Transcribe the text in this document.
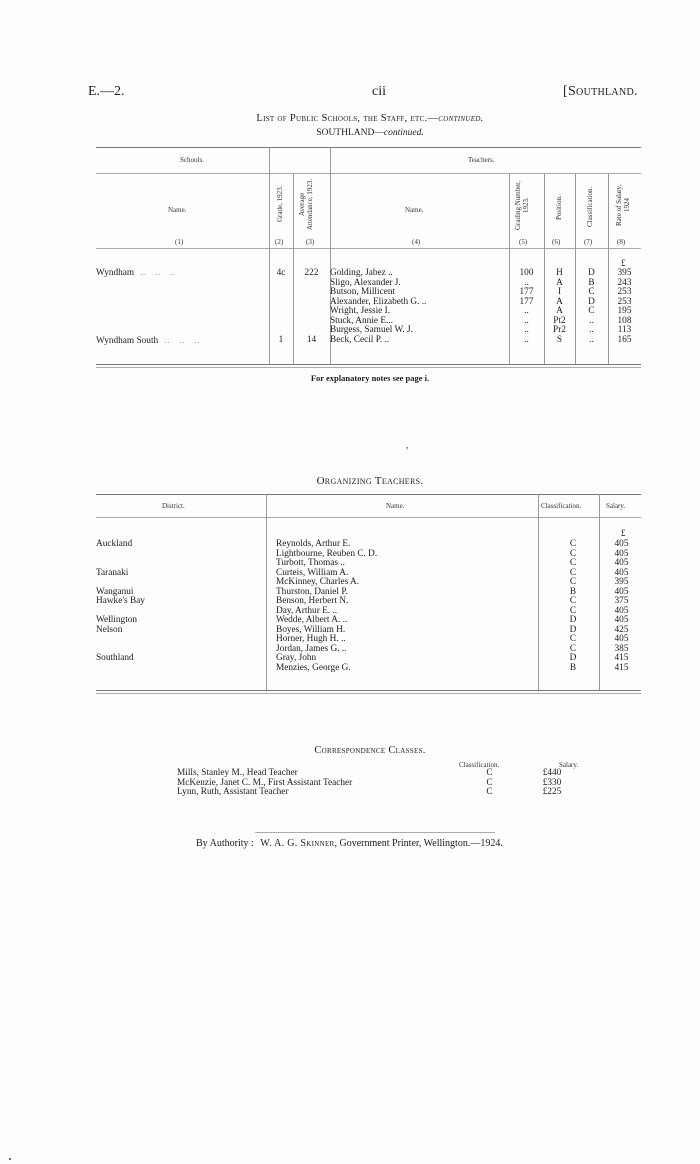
E.—2.	cii	[Southland.
List of Public Schools, the Staff, etc.—continued.
SOUTHLAND—continued.
Schools.	Teachers.
Name.	Grade, 1923. Average Attendance, 1923.	Name.	Grading Number, 1923.	Position.	Classification.	Rate of Salary, 1924
(1)	(2)	(3)	(4)	(5)	(6)	(7)	(8)
£
Wyndham  ..   ..   ..	4c	222	Golding, Jabez ..	100	H	D	395
			Sligo, Alexander J.	..	A	B	243
			Butson, Millicent	177	I	C	253
			Alexander, Elizabeth G. ..	177	A	D	253
			Wright, Jessie I.	..	A	C	195
			Stuck, Annie E...	..	Pt2	..	108
			Burgess, Samuel W. J.	..	Pr2	..	113
Wyndham South  ..   ..   ..	1	14	Beck, Cecil P. ..	..	S	..	165
For explanatory notes see page i.
,
Organizing Teachers.
District.	Name.	Classification.	Salary.
£
Auckland	Reynolds, Arthur E.	C	405
	Lightbourne, Reuben C. D.	C	405
	Turbott, Thomas ..	C	405
Taranaki	Curteis, William A.	C	405
	McKinney, Charles A.	C	395
Wanganui	Thurston, Daniel P.	B	405
Hawke's Bay	Benson, Herbert N.	C	375
	Day, Arthur E. ..	C	405
Wellington	Wedde, Albert A. ..	D	405
Nelson	Boyes, William H.	D	425
	Horner, Hugh H. ..	C	405
	Jordan, James G. ..	C	385
Southland	Gray, John	D	415
	Menzies, George G.	B	415
Correspondence Classes.
Classification.	Salary.
Mills, Stanley M., Head Teacher	C	£440
McKenzie, Janet C. M., First Assistant Teacher	C	£330
Lynn, Ruth, Assistant Teacher	C	£225
By Authority : W. A. G. Skinner, Government Printer, Wellington.—1924.
